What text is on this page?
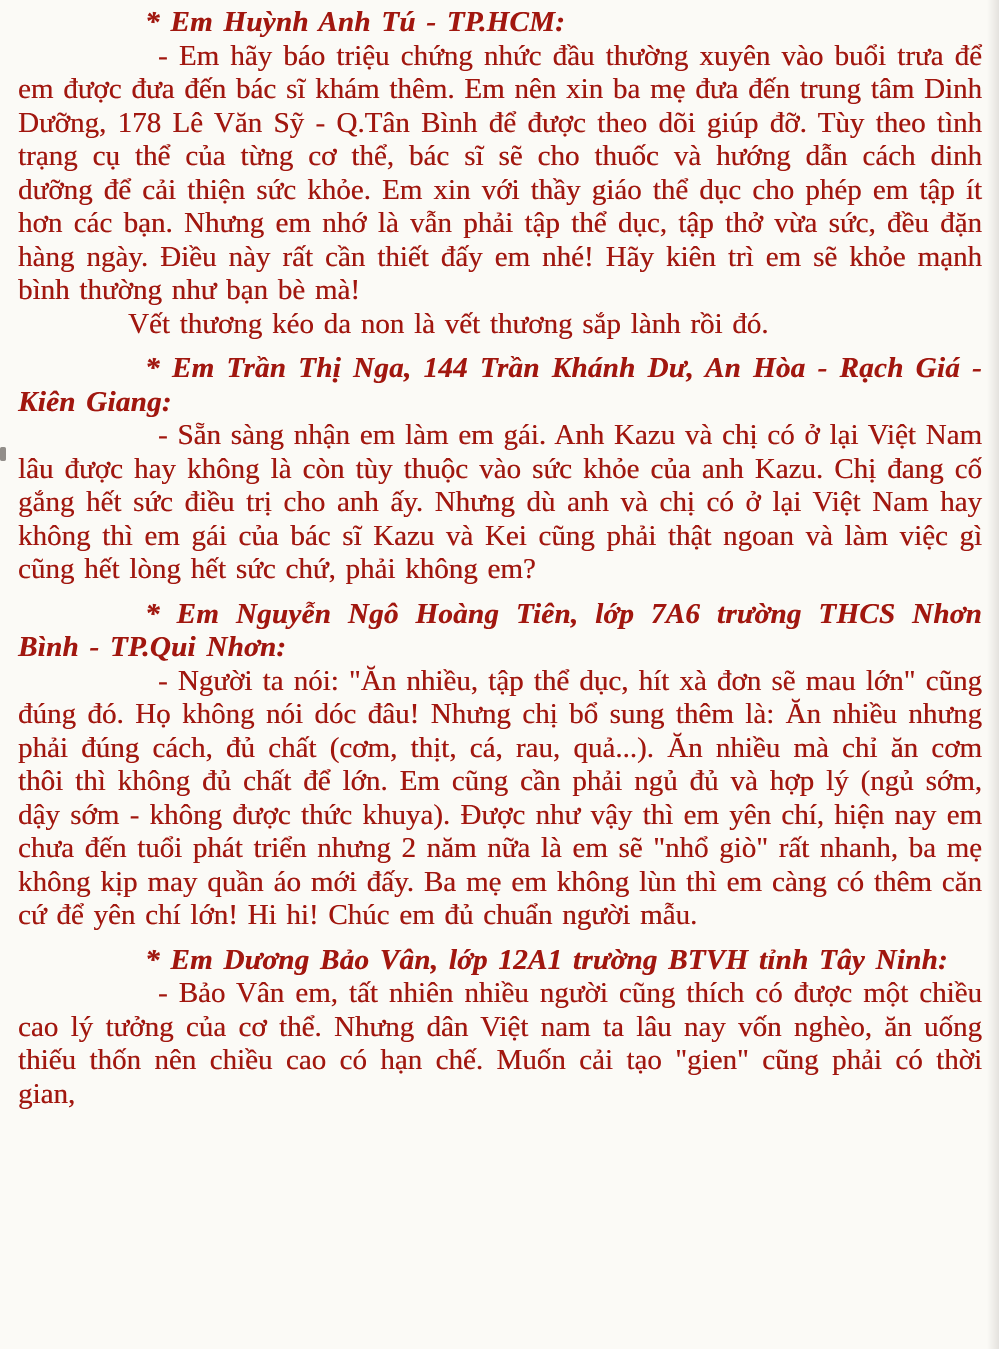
* Em Huỳnh Anh Tú - TP.HCM:

- Em hãy báo triệu chứng nhức đầu thường xuyên vào buổi trưa để em được đưa đến bác sĩ khám thêm. Em nên xin ba mẹ đưa đến trung tâm Dinh Dưỡng, 178 Lê Văn Sỹ - Q.Tân Bình để được theo dõi giúp đỡ. Tùy theo tình trạng cụ thể của từng cơ thể, bác sĩ sẽ cho thuốc và hướng dẫn cách dinh dưỡng để cải thiện sức khỏe. Em xin với thầy giáo thể dục cho phép em tập ít hơn các bạn. Nhưng em nhớ là vẫn phải tập thể dục, tập thở vừa sức, đều đặn hàng ngày. Điều này rất cần thiết đấy em nhé! Hãy kiên trì em sẽ khỏe mạnh bình thường như bạn bè mà!

Vết thương kéo da non là vết thương sắp lành rồi đó.

* Em Trần Thị Nga, 144 Trần Khánh Dư, An Hòa - Rạch Giá - Kiên Giang:

- Sẵn sàng nhận em làm em gái. Anh Kazu và chị có ở lại Việt Nam lâu được hay không là còn tùy thuộc vào sức khỏe của anh Kazu. Chị đang cố gắng hết sức điều trị cho anh ấy. Nhưng dù anh và chị có ở lại Việt Nam hay không thì em gái của bác sĩ Kazu và Kei cũng phải thật ngoan và làm việc gì cũng hết lòng hết sức chứ, phải không em?

* Em Nguyễn Ngô Hoàng Tiên, lớp 7A6 trường THCS Nhơn Bình - TP.Qui Nhơn:

- Người ta nói: "Ăn nhiều, tập thể dục, hít xà đơn sẽ mau lớn" cũng đúng đó. Họ không nói dóc đâu! Nhưng chị bổ sung thêm là: Ăn nhiều nhưng phải đúng cách, đủ chất (cơm, thịt, cá, rau, quả...). Ăn nhiều mà chỉ ăn cơm thôi thì không đủ chất để lớn. Em cũng cần phải ngủ đủ và hợp lý (ngủ sớm, dậy sớm - không được thức khuya). Được như vậy thì em yên chí, hiện nay em chưa đến tuổi phát triển nhưng 2 năm nữa là em sẽ "nhổ giò" rất nhanh, ba mẹ không kịp may quần áo mới đấy. Ba mẹ em không lùn thì em càng có thêm căn cứ để yên chí lớn! Hi hi! Chúc em đủ chuẩn người mẫu.

* Em Dương Bảo Vân, lớp 12A1 trường BTVH tỉnh Tây Ninh:

- Bảo Vân em, tất nhiên nhiều người cũng thích có được một chiều cao lý tưởng của cơ thể. Nhưng dân Việt nam ta lâu nay vốn nghèo, ăn uống thiếu thốn nên chiều cao có hạn chế. Muốn cải tạo "gien" cũng phải có thời gian,
